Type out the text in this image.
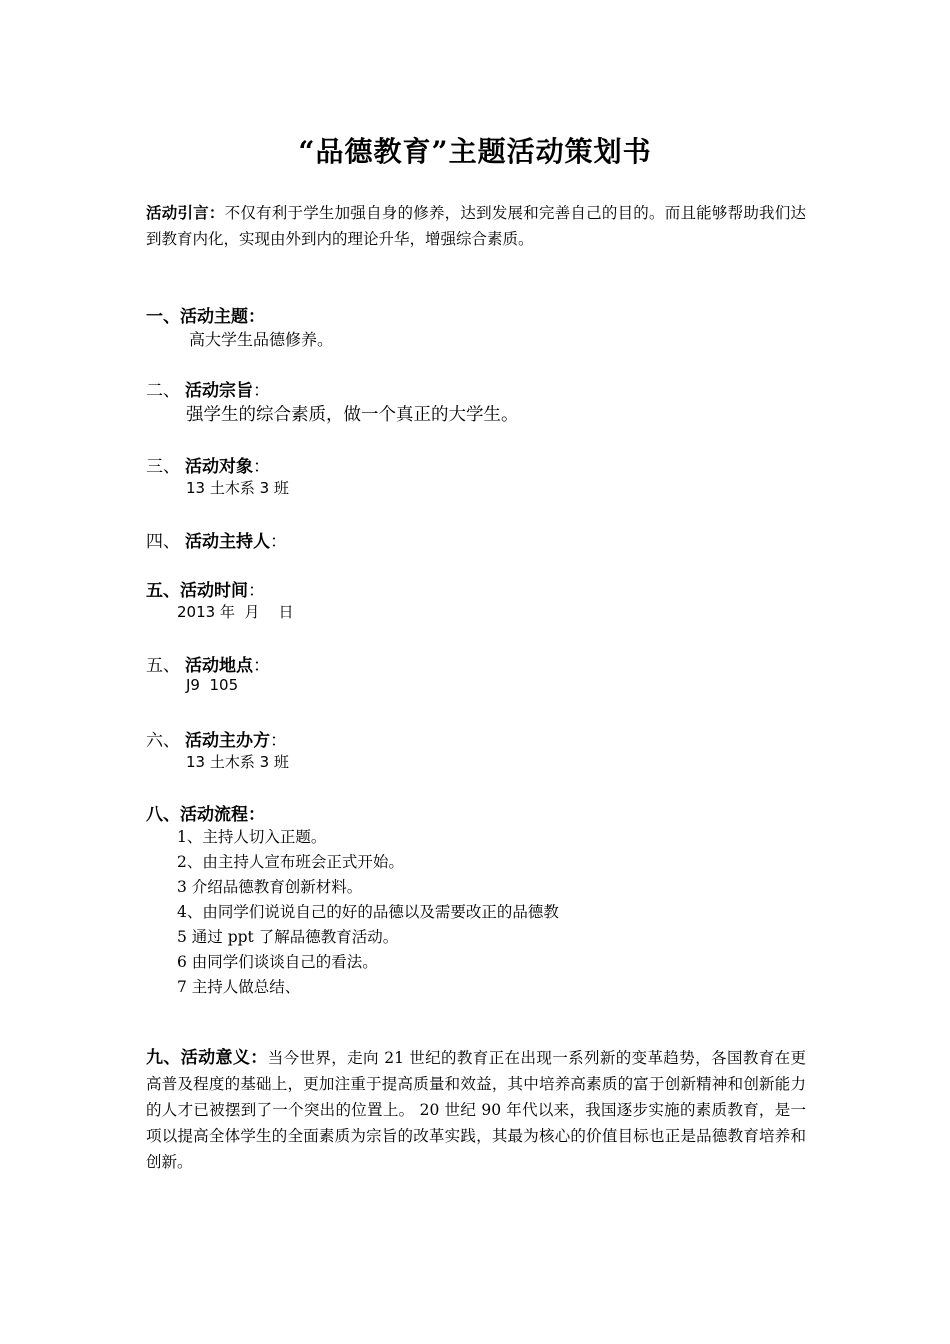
“品德教育”主题活动策划书
活动引言：不仅有利于学生加强自身的修养，达到发展和完善自己的目的。而且能够帮助我们达到教育内化，实现由外到内的理论升华，增强综合素质。
一、活动主题：
高大学生品德修养。
二、 活动宗旨：
强学生的综合素质，做一个真正的大学生。
三、 活动对象：
13 土木系 3 班
四、 活动主持人：
五、活动时间：
2013 年  月    日
五、 活动地点：
J9  105
六、 活动主办方：
13 土木系 3 班
八、活动流程：
1、主持人切入正题。
2、由主持人宣布班会正式开始。
3 介绍品德教育创新材料。
4、由同学们说说自己的好的品德以及需要改正的品德教
5 通过 ppt 了解品德教育活动。
6 由同学们谈谈自己的看法。
7 主持人做总结、
九、活动意义：当今世界，走向 21 世纪的教育正在出现一系列新的变革趋势，各国教育在更高普及程度的基础上，更加注重于提高质量和效益，其中培养高素质的富于创新精神和创新能力的人才已被摆到了一个突出的位置上。 20 世纪 90 年代以来，我国逐步实施的素质教育，是一项以提高全体学生的全面素质为宗旨的改革实践，其最为核心的价值目标也正是品德教育培养和创新。
